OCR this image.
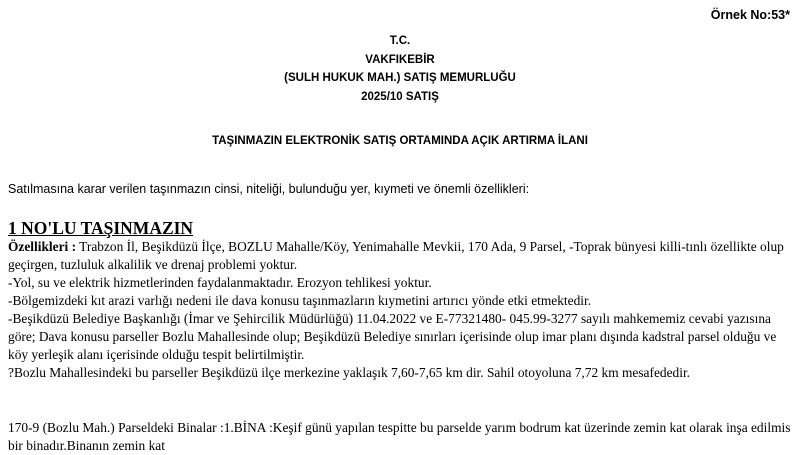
Örnek No:53*
T.C.
VAKFIKEBİR
(SULH HUKUK MAH.) SATIŞ MEMURLUĞU
2025/10 SATIŞ
TAŞINMAZIN ELEKTRONİK SATIŞ ORTAMINDA AÇIK ARTIRMA İLANI
Satılmasına karar verilen taşınmazın cinsi, niteliği, bulunduğu yer, kıymeti ve önemli özellikleri:
1 NO'LU TAŞINMAZIN

Özellikleri : Trabzon İl, Beşikdüzü İlçe, BOZLU Mahalle/Köy, Yenimahalle Mevkii, 170 Ada, 9 Parsel, -Toprak bünyesi killi-tınlı özellikte olup geçirgen, tuzluluk alkalilik ve drenaj problemi yoktur.

-Yol, su ve elektrik hizmetlerinden faydalanmaktadır. Erozyon tehlikesi yoktur.

-Bölgemizdeki kıt arazi varlığı nedeni ile dava konusu taşınmazların kıymetini artırıcı yönde etki etmektedir.

-Beşikdüzü Belediye Başkanlığı (İmar ve Şehircilik Müdürlüğü) 11.04.2022 ve E-77321480- 045.99-3277 sayılı mahkememiz cevabi yazısına göre; Dava konusu parseller Bozlu Mahallesinde olup; Beşikdüzü Belediye sınırları içerisinde olup imar planı dışında kadstral parsel olduğu ve köy yerleşik alanı içerisinde olduğu tespit belirtilmiştir.

?Bozlu Mahallesindeki bu parseller Beşikdüzü ilçe merkezine yaklaşık 7,60-7,65 km dir. Sahil otoyoluna 7,72 km mesafededir.

170-9 (Bozlu Mah.) Parseldeki Binalar :1.BİNA :Keşif günü yapılan tespitte bu parselde yarım bodrum kat üzerinde zemin kat olarak inşa edilmis bir binadır.Binanın zemin kat
